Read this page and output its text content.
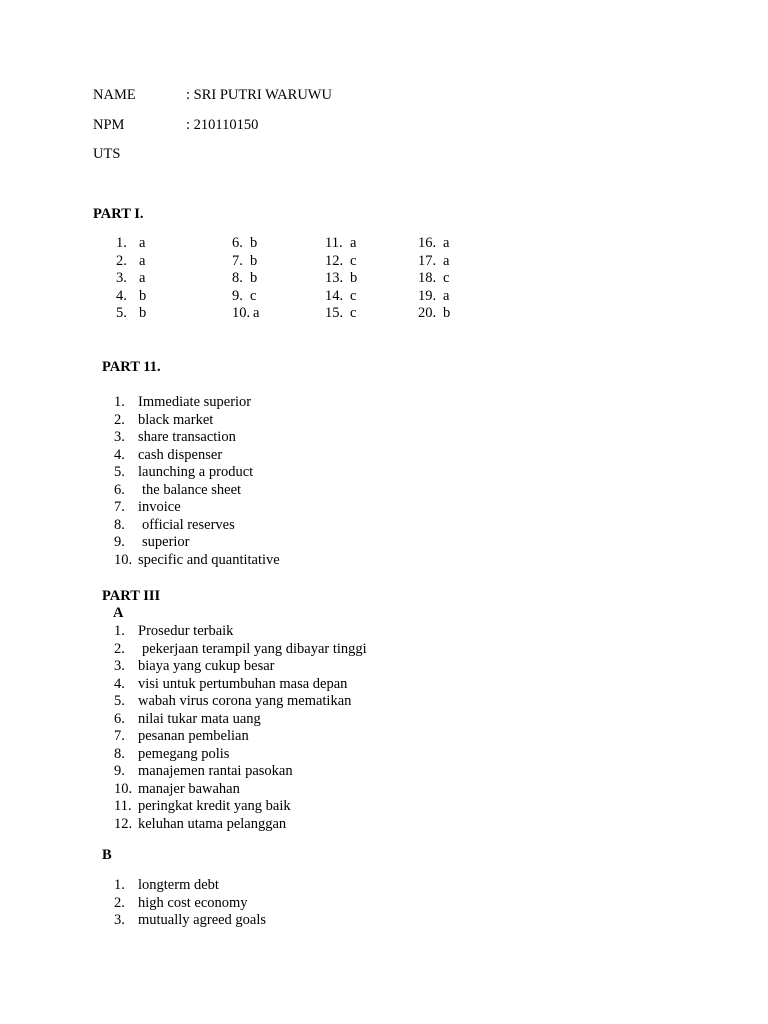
NAME	: SRI PUTRI WARUWU
NPM	: 210110150
UTS
PART I.
1. a
2. a
3. a
4. b
5. b
6. b
7. b
8. b
9. c
10. a
11. a
12. c
13. b
14. c
15. c
16. a
17. a
18. c
19. a
20. b
PART 11.
1. Immediate superior
2. black market
3. share transaction
4. cash dispenser
5. launching a product
6. the balance sheet
7. invoice
8. official reserves
9. superior
10. specific and quantitative
PART III
A
1. Prosedur terbaik
2. pekerjaan terampil yang dibayar tinggi
3. biaya yang cukup besar
4. visi untuk pertumbuhan masa depan
5. wabah virus corona yang mematikan
6. nilai tukar mata uang
7. pesanan pembelian
8. pemegang polis
9. manajemen rantai pasokan
10. manajer bawahan
11. peringkat kredit yang baik
12. keluhan utama pelanggan
B
1. longterm debt
2. high cost economy
3. mutually agreed goals
